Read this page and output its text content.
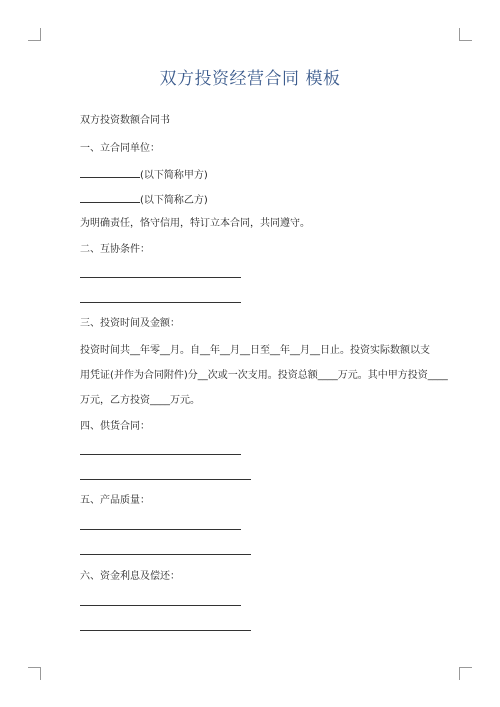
双方投资经营合同 模板
双方投资数额合同书
一、立合同单位：
(以下简称甲方)
(以下简称乙方)
为明确责任，恪守信用，特订立本合同，共同遵守。
二、互协条件：
三、投资时间及金额：
投资时间共__年零__月。自__年__月__日至__年__月__日止。投资实际数额以支
用凭证(并作为合同附件)分__次或一次支用。投资总额____万元。其中甲方投资____
万元，乙方投资____万元。
四、供货合同：
五、产品质量：
六、资金利息及偿还：
